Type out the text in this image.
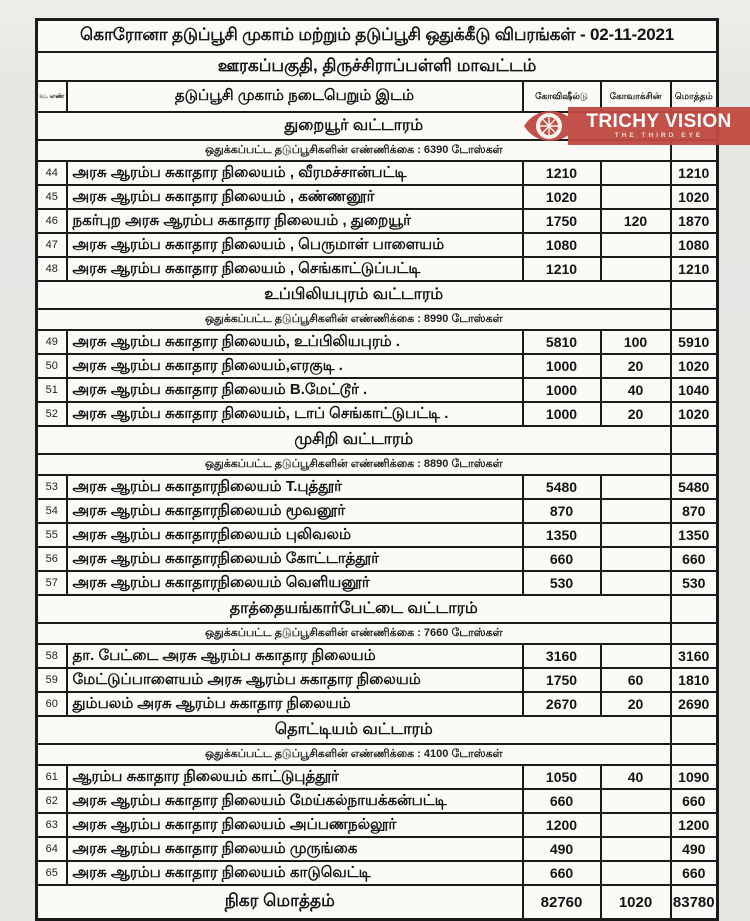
கொரோனா தடுப்பூசி முகாம் மற்றும் தடுப்பூசி ஒதுக்கீடு விபரங்கள் - 02-11-2021				
ஊரகப்பகுதி, திருச்சிராப்பள்ளி மாவட்டம்				
வ. எண்	தடுப்பூசி முகாம் நடைபெறும் இடம்	கோவிஷீல்டு	கோவாக்சின்	மொத்தம்
துறையூர் வட்டாரம்				
ஒதுக்கப்பட்ட தடுப்பூசிகளின் எண்ணிக்கை : 6390 டோஸ்கள்				
44	அரசு ஆரம்ப சுகாதார நிலையம் , வீரமச்சான்பட்டி	1210		1210
45	அரசு ஆரம்ப சுகாதார நிலையம் , கண்ணனூர்	1020		1020
46	நகர்புற அரசு ஆரம்ப சுகாதார நிலையம் , துறையூர்	1750	120	1870
47	அரசு ஆரம்ப சுகாதார நிலையம் , பெருமாள் பாளையம்	1080		1080
48	அரசு ஆரம்ப சுகாதார நிலையம் , செங்காட்டுப்பட்டி	1210		1210
உப்பிலியபுரம் வட்டாரம்				
ஒதுக்கப்பட்ட தடுப்பூசிகளின் எண்ணிக்கை : 8990 டோஸ்கள்				
49	அரசு ஆரம்ப சுகாதார நிலையம், உப்பிலியபுரம் .	5810	100	5910
50	அரசு ஆரம்ப சுகாதார நிலையம்,எரகுடி .	1000	20	1020
51	அரசு ஆரம்ப சுகாதார நிலையம் B.மேட்டூர் .	1000	40	1040
52	அரசு ஆரம்ப சுகாதார நிலையம், டாப் செங்காட்டுபட்டி .	1000	20	1020
முசிறி வட்டாரம்				
ஒதுக்கப்பட்ட தடுப்பூசிகளின் எண்ணிக்கை : 8890 டோஸ்கள்				
53	அரசு ஆரம்ப சுகாதாரநிலையம் T.புத்தூர்	5480		5480
54	அரசு ஆரம்ப சுகாதாரநிலையம் மூவனூர்	870		870
55	அரசு ஆரம்ப சுகாதாரநிலையம் புலிவலம்	1350		1350
56	அரசு ஆரம்ப சுகாதாரநிலையம் கோட்டாத்தூர்	660		660
57	அரசு ஆரம்ப சுகாதாரநிலையம் வெளியனூர்	530		530
தாத்தையங்கார்பேட்டை வட்டாரம்				
ஒதுக்கப்பட்ட தடுப்பூசிகளின் எண்ணிக்கை : 7660 டோஸ்கள்				
58	தா. பேட்டை அரசு ஆரம்ப சுகாதார நிலையம்	3160		3160
59	மேட்டுப்பாளையம் அரசு ஆரம்ப சுகாதார நிலையம்	1750	60	1810
60	தும்பலம் அரசு ஆரம்ப சுகாதார நிலையம்	2670	20	2690
தொட்டியம் வட்டாரம்				
ஒதுக்கப்பட்ட தடுப்பூசிகளின் எண்ணிக்கை : 4100 டோஸ்கள்				
61	ஆரம்ப சுகாதார நிலையம் காட்டுபுத்தூர்	1050	40	1090
62	அரசு ஆரம்ப சுகாதார நிலையம் மேய்கல்நாயக்கன்பட்டி	660		660
63	அரசு ஆரம்ப சுகாதார நிலையம் அப்பணநல்லூர்	1200		1200
64	அரசு ஆரம்ப சுகாதார நிலையம் முருங்கை	490		490
65	அரசு ஆரம்ப சுகாதார நிலையம் காடுவெட்டி	660		660
நிகர மொத்தம்		82760	1020	83780
TRICHY VISION
THE THIRD EYE
